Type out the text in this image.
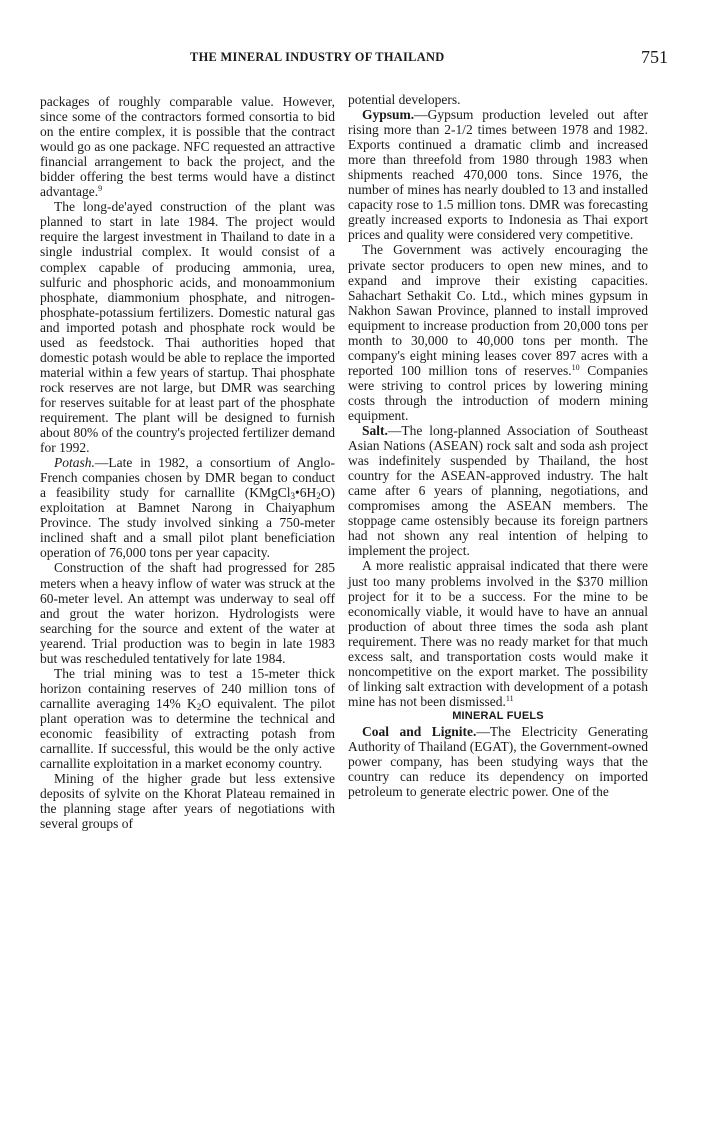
THE MINERAL INDUSTRY OF THAILAND	751

packages of roughly comparable value. However, since some of the contractors formed consortia to bid on the entire complex, it is possible that the contract would go as one package. NFC requested an attractive financial arrangement to back the project, and the bidder offering the best terms would have a distinct advantage.$^9$

The long-de'ayed construction of the plant was planned to start in late 1984. The project would require the largest investment in Thailand to date in a single industrial complex. It would consist of a complex capable of producing ammonia, urea, sulfuric and phosphoric acids, and monoammonium phosphate, diammonium phosphate, and nitrogen-phosphate-potassium fertilizers. Domestic natural gas and imported potash and phosphate rock would be used as feedstock. Thai authorities hoped that domestic potash would be able to replace the imported material within a few years of startup. Thai phosphate rock reserves are not large, but DMR was searching for reserves suitable for at least part of the phosphate requirement. The plant will be designed to furnish about 80% of the country's projected fertilizer demand for 1992.

Potash.—Late in 1982, a consortium of Anglo-French companies chosen by DMR began to conduct a feasibility study for carnallite $(KMgCl_3•6H_2O)$ exploitation at Bamnet Narong in Chaiyaphum Province. The study involved sinking a 750-meter inclined shaft and a small pilot plant beneficiation operation of 76,000 tons per year capacity.

Construction of the shaft had progressed for 285 meters when a heavy inflow of water was struck at the 60-meter level. An attempt was underway to seal off and grout the water horizon. Hydrologists were searching for the source and extent of the water at yearend. Trial production was to begin in late 1983 but was rescheduled tentatively for late 1984.

The trial mining was to test a 15-meter thick horizon containing reserves of 240 million tons of carnallite averaging 14% $K_2O$ equivalent. The pilot plant operation was to determine the technical and economic feasibility of extracting potash from carnallite. If successful, this would be the only active carnallite exploitation in a market economy country.

Mining of the higher grade but less extensive deposits of sylvite on the Khorat Plateau remained in the planning stage after years of negotiations with several groups of

potential developers.

Gypsum.—Gypsum production leveled out after rising more than 2-1/2 times between 1978 and 1982. Exports continued a dramatic climb and increased more than threefold from 1980 through 1983 when shipments reached 470,000 tons. Since 1976, the number of mines has nearly doubled to 13 and installed capacity rose to 1.5 million tons. DMR was forecasting greatly increased exports to Indonesia as Thai export prices and quality were considered very competitive.

The Government was actively encouraging the private sector producers to open new mines, and to expand and improve their existing capacities. Sahachart Sethakit Co. Ltd., which mines gypsum in Nakhon Sawan Province, planned to install improved equipment to increase production from 20,000 tons per month to 30,000 to 40,000 tons per month. The company's eight mining leases cover 897 acres with a reported 100 million tons of reserves.$^{10}$ Companies were striving to control prices by lowering mining costs through the introduction of modern mining equipment.

Salt.—The long-planned Association of Southeast Asian Nations (ASEAN) rock salt and soda ash project was indefinitely suspended by Thailand, the host country for the ASEAN-approved industry. The halt came after 6 years of planning, negotiations, and compromises among the ASEAN members. The stoppage came ostensibly because its foreign partners had not shown any real intention of helping to implement the project.

A more realistic appraisal indicated that there were just too many problems involved in the $370 million project for it to be a success. For the mine to be economically viable, it would have to have an annual production of about three times the soda ash plant requirement. There was no ready market for that much excess salt, and transportation costs would make it noncompetitive on the export market. The possibility of linking salt extraction with development of a potash mine has not been dismissed.$^{11}$

MINERAL FUELS

Coal and Lignite.—The Electricity Generating Authority of Thailand (EGAT), the Government-owned power company, has been studying ways that the country can reduce its dependency on imported petroleum to generate electric power. One of the
